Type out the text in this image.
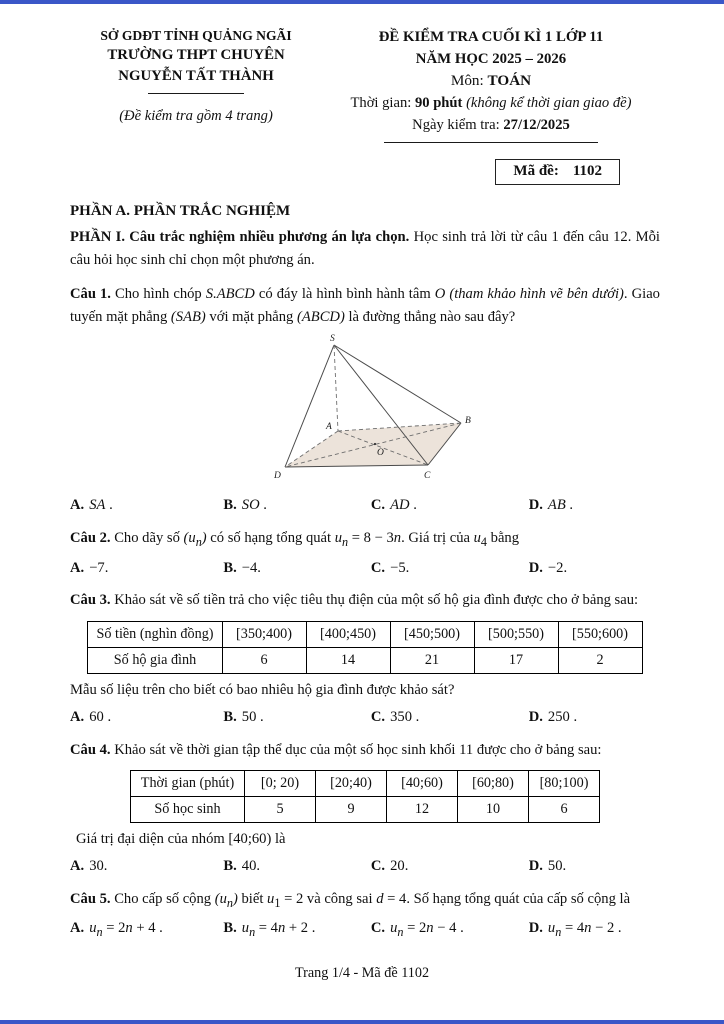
SỞ GDĐT TỈNH QUẢNG NGÃI
TRƯỜNG THPT CHUYÊN
NGUYỄN TẤT THÀNH
(Đề kiểm tra gồm 4 trang)
ĐỀ KIỂM TRA CUỐI KÌ 1 LỚP 11
NĂM HỌC 2025 – 2026
Môn: TOÁN
Thời gian: 90 phút (không kể thời gian giao đề)
Ngày kiểm tra: 27/12/2025
Mã đề: 1102
PHẦN A. PHẦN TRẮC NGHIỆM

PHẦN I. Câu trắc nghiệm nhiều phương án lựa chọn. Học sinh trả lời từ câu 1 đến câu 12. Mỗi câu hỏi học sinh chỉ chọn một phương án.

Câu 1. Cho hình chóp S.ABCD có đáy là hình bình hành tâm O (tham khảo hình vẽ bên dưới). Giao tuyến mặt phẳng (SAB) với mặt phẳng (ABCD) là đường thẳng nào sau đây?

S
A
B
C
D
O
A. SA .	B. SO .	C. AD .	D. AB .

Câu 2. Cho dãy số $(u_n)$ có số hạng tổng quát $u_n = 8 - 3n$. Giá trị của $u_4$ bằng

A. −7.	B. −4.	C. −5.	D. −2.

Câu 3. Khảo sát về số tiền trả cho việc tiêu thụ điện của một số hộ gia đình được cho ở bảng sau:

Số tiền (nghìn đồng)	[350;400)	[400;450)	[450;500)	[500;550)	[550;600)
Số hộ gia đình	6	14	21	17	2

Mẫu số liệu trên cho biết có bao nhiêu hộ gia đình được khảo sát?

A. 60 .	B. 50 .	C. 350 .	D. 250 .

Câu 4. Khảo sát về thời gian tập thể dục của một số học sinh khối 11 được cho ở bảng sau:

Thời gian (phút)	[0; 20)	[20;40)	[40;60)	[60;80)	[80;100)
Số học sinh	5	9	12	10	6

Giá trị đại diện của nhóm [40;60) là

A. 30.	B. 40.	C. 20.	D. 50.

Câu 5. Cho cấp số cộng $(u_n)$ biết $u_1 = 2$ và công sai d = 4. Số hạng tổng quát của cấp số cộng là

A. $u_n = 2n + 4$ .	B. $u_n = 4n + 2$ .	C. $u_n = 2n - 4$ .	D. $u_n = 4n - 2$ .
Trang 1/4 - Mã đề 1102
